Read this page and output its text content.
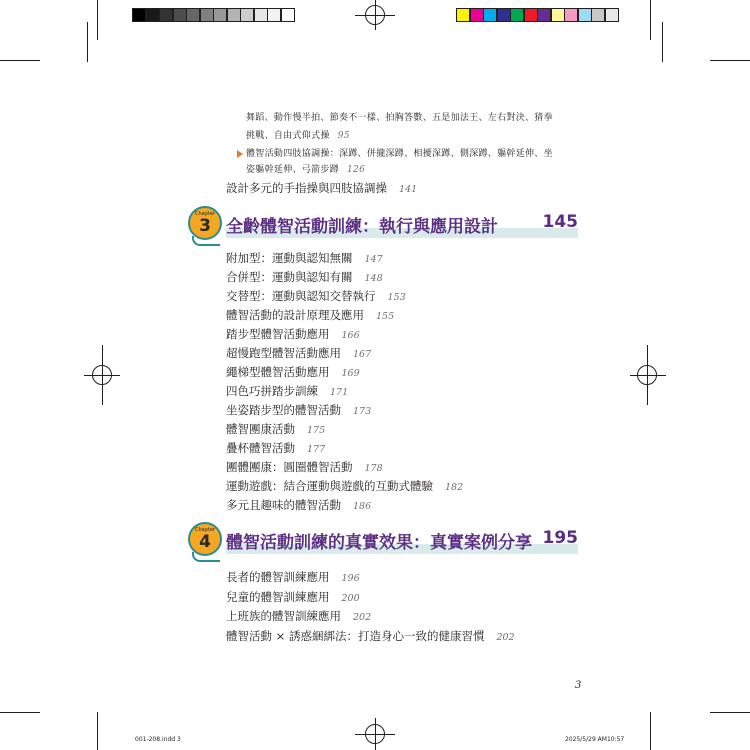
舞蹈、動作慢半拍、節奏不一樣、拍胸答數、五是加法王、左右對決、猜拳
挑戰、自由式仰式操 95
體智活動四肢協調操：深蹲、併攏深蹲、相擾深蹲、側深蹲、軀幹延伸、坐
姿軀幹延伸、弓箭步蹲 126
設計多元的手指操與四肢協調操 141
Chapter
3 全齡體智活動訓練：執行與應用設計	145
附加型：運動與認知無關 147
合併型：運動與認知有關 148
交替型：運動與認知交替執行 153
體智活動的設計原理及應用 155
踏步型體智活動應用 166
超慢跑型體智活動應用 167
繩梯型體智活動應用 169
四色巧拼踏步訓練 171
坐姿踏步型的體智活動 173
體智團康活動 175
疊杯體智活動 177
團體團康：圓圈體智活動 178
運動遊戲：結合運動與遊戲的互動式體驗 182
多元且趣味的體智活動 186
Chapter
4 體智活動訓練的真實效果：真實案例分享 195
長者的體智訓練應用 196
兒童的體智訓練應用 200
上班族的體智訓練應用 202
體智活動 × 誘惑綑綁法：打造身心一致的健康習慣 202
3
001-208.indd 3	2025/5/29 AM10:57
